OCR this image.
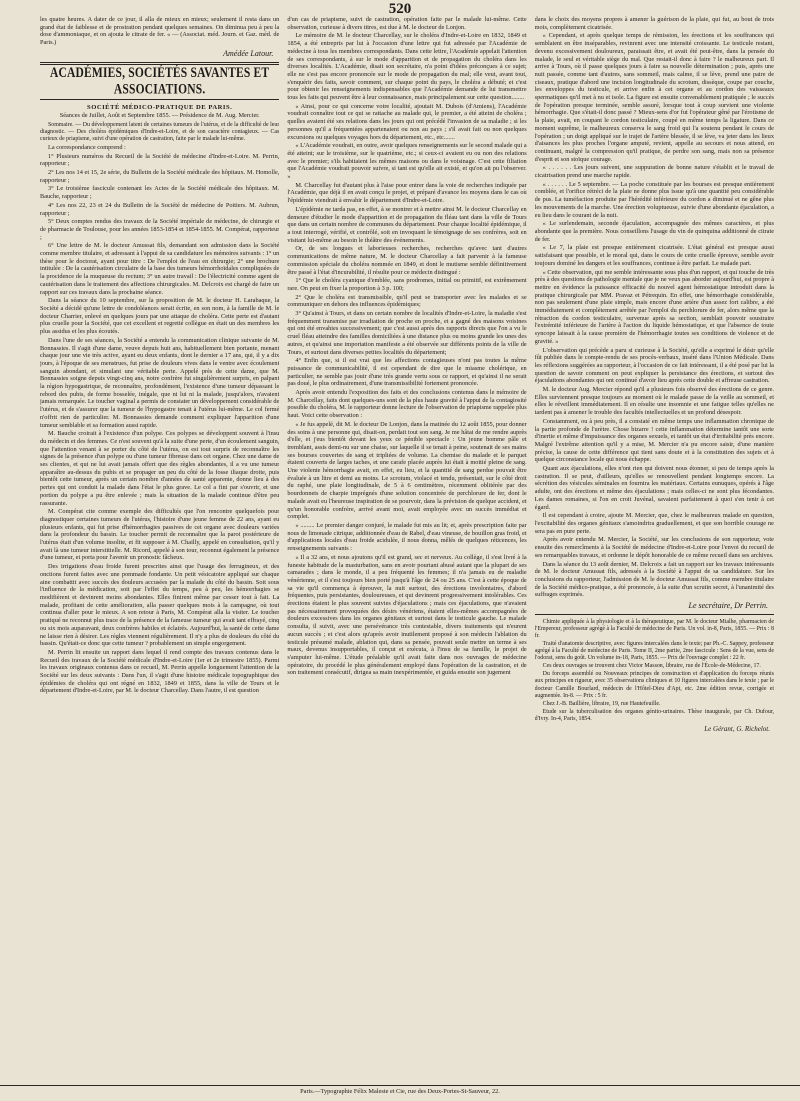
520

les quatre heures. A dater de ce jour, il alla de mieux en mieux; seulement il resta dans un grand état de faiblesse et de prostration pendant quelques semaines. On diminua peu à peu la dose d'ammoniaque, et on ajouta le citrate de fer. « — (Associat. méd. Journ. et Gaz. méd. de Paris.)

Amédée Latour.
ACADÉMIES, SOCIÉTÉS SAVANTES ET ASSOCIATIONS.
SOCIÉTÉ MÉDICO-PRATIQUE DE PARIS.
Séances de Juillet, Août et Septembre 1855. — Présidence de M. Aug. Mercier.

Sommaire. — Du développement latent de certaines tumeurs de l'utérus, et de la difficulté de leur diagnostic. — Des choléra épidémiques d'Indre-et-Loire, et de son caractère contagieux. — Cas curieux de priapisme, suivi d'une opération de castration, faite par le malade lui-même.

La correspondance comprend :

1° Plusieurs numéros du Recueil de la Société de médecine d'Indre-et-Loire. M. Perrin, rapporteur ;

2° Les nos 14 et 15, 2e série, du Bulletin de la Société médicale des hôpitaux. M. Homolle, rapporteur ;

3° Le troisième fascicule contenant les Actes de la Société médicale des hôpitaux. M. Bauche, rapporteur ;

4° Les nos 22, 23 et 24 du Bulletin de la Société de médecine de Poitiers. M. Aubrun, rapporteur ;

5° Deux comptes rendus des travaux de la Société impériale de médecine, de chirurgie et de pharmacie de Toulouse, pour les années 1853-1854 et 1854-1855. M. Compérat, rapporteur ;

6° Une lettre de M. le docteur Amussat fils, demandant son admission dans la Société comme membre titulaire, et adressant à l'appui de sa candidature les mémoires suivants : 1° un thèse pour le doctorat, ayant pour titre : De l'emploi de l'eau en chirurgie; 2° une brochure intitulée : De la cautérisation circulaire de la base des tumeurs hémorrhoïdales compliquées de la procidence de la muqueuse du rectum; 3° un autre travail : De l'électricité comme agent de cautérisation dans le traitement des affections chirurgicales. M. Delcroix est chargé de faire un rapport sur ces travaux dans la prochaine séance.

Dans la séance du 10 septembre, sur la proposition de M. le docteur H. Larabaque, la Société a décidé qu'une lettre de condoléances serait écrite, en son nom, à la famille de M. le docteur Charrier, enlevé en quelques jours par une attaque de choléra. Cette perte est d'autant plus cruelle pour la Société, que cet excellent et regretté collègue en était un des membres les plus assidus et les plus écoutés.

Dans l'une de ses séances, la Société a entendu la communication clinique suivante de M. Bonnassies. Il s'agit d'une dame, veuve depuis huit ans, habituellement bien portante, menant chaque jour une vie très active, ayant eu deux enfants, dont le dernier a 17 ans, qui, il y a dix jours, à l'époque de ses menstrues, fut prise de douleurs vives dans le ventre avec écoulement sanguin abondant, et simulant une véritable perte. Appelé près de cette dame, que M. Bonnassies soigne depuis vingt-cinq ans, notre confrère fut singulièrement surpris, en palpant la région hypogastrique, de reconnaître, profondément, l'existence d'une tumeur dépassant le rebord des pubis, de forme bosselée, inégale, que ni lui ni la malade, jusqu'alors, n'avaient jamais remarquée. Le toucher vaginal a permis de constater un développement considérable de l'utérus, et de s'assurer que la tumeur de l'hypogastre tenait à l'utérus lui-même. Le col fermé n'offrit rien de particulier. M. Bonnassies demande comment expliquer l'apparition d'une tumeur semblable et sa formation aussi rapide.

M. Bauche croirait à l'existence d'un polype. Ces polypes se développent souvent à l'insu du médecin et des femmes. Ce n'est souvent qu'à la suite d'une perte, d'un écoulement sanguin, que l'attention venant à se porter du côté de l'utérus, on est tout surpris de reconnaître les signes de la présence d'un polype ou d'une tumeur fibreuse dans cet organe. Chez une dame de ses clientes, et qui ne lui avait jamais offert que des règles abondantes, il a vu une tumeur apparaître au-dessus du pubis et se propager un peu du côté de la fosse iliaque droite, puis bientôt cette tumeur, après un certain nombre d'années de santé apparente, donne lieu à des pertes qui ont conduit la malade dans l'état le plus grave. Le col a fini par s'ouvrir, et une portion du polype a pu être enlevée ; mais la situation de la malade continue d'être peu rassurante.

M. Compérat cite comme exemple des difficultés que l'on rencontre quelquefois pour diagnostiquer certaines tumeurs de l'utérus, l'histoire d'une jeune femme de 22 ans, ayant eu plusieurs enfants, qui fut prise d'hémorrhagies passives de cet organe avec douleurs variées dans la profondeur du bassin. Le toucher permit de reconnaître que la paroi postérieure de l'utérus était d'un volume insolite, et fit supposer à M. Chailly, appelé en consultation, qu'il y avait là une tumeur interstitielle. M. Ricord, appelé à son tour, reconnut également la présence d'une tumeur, et porta pour l'avenir un pronostic fâcheux.

Des irrigations d'eau froide furent prescrites ainsi que l'usage des ferrugineux, et des onctions furent faites avec une pommade fondante. Un petit vésicatoire appliqué sur chaque aine combattit avec succès des douleurs accusées par la malade du côté du bassin. Soit sous l'influence de la médication, soit par l'effet du temps, peu à peu, les hémorrhagies se modifièrent et devinrent moins abondantes. Elles finirent même par cesser tout à fait. La malade, profitant de cette amélioration, alla passer quelques mois à la campagne, où tout continua d'aller pour le mieux. A son retour à Paris, M. Compérat alla la visiter. Le toucher pratiqué ne reconnut plus trace de la présence de la fameuse tumeur qui avait tant effrayé, cinq ou six mois auparavant, deux confrères habiles et éclairés. Aujourd'hui, la santé de cette dame ne laisse rien à désirer. Les règles viennent régulièrement. Il n'y a plus de douleurs du côté du bassin. Qu'était-ce donc que cette tumeur ? probablement un simple engorgement.

M. Perrin lit ensuite un rapport dans lequel il rend compte des travaux contenus dans le Recueil des travaux de la Société médicale d'Indre-et-Loire (1er et 2e trimestre 1855). Parmi les travaux originaux contenus dans ce recueil, M. Perrin appelle longuement l'attention de la Société sur les deux suivants : Dans l'un, il s'agit d'une histoire médicale topographique des épidémies de choléra qui ont régné en 1832, 1849 et 1855, dans la ville de Tours et le département d'Indre-et-Loire, par M. le docteur Charcellay. Dans l'autre, il est question

d'un cas de priapisme, suivi de castration, opération faite par le malade lui-même. Cette observation, curieuse à divers titres, est due à M. le docteur de Lonjon.

Le mémoire de M. le docteur Charcellay, sur le choléra d'Indre-et-Loire en 1832, 1849 et 1854, a été entrepris par lui à l'occasion d'une lettre qui fut adressée par l'Académie de médecine à tous les membres correspondants. Dans cette lettre, l'Académie appelait l'attention de ses correspondants, à sur le mode d'apparition et de propagation du choléra dans les diverses localités. L'Académie, disait son secrétaire, n'a point d'idées préconçues à ce sujet; elle ne s'est pas encore prononcée sur le mode de propagation du mal; elle veut, avant tout, s'enquérir des faits, savoir comment, sur chaque point du pays, le choléra a débuté; et c'est pour obtenir les renseignements indispensables que l'Académie demande de lui transmettre tous les faits qui peuvent être à leur connaissance, mais principalement sur cette question........

« Ainsi, pour ce qui concerne votre localité, ajoutait M. Dubois (d'Amiens), l'Académie voudrait connaître tout ce qui se rattache au malade qui, le premier, a été atteint de choléra ; quelles avaient été ses relations dans les jours qui ont précédé l'invasion de sa maladie ; si les personnes qu'il a fréquentées appartenaient ou non au pays ; s'il avait fait ou non quelques excursions ou quelques voyages hors du département, etc., etc.......

« L'Académie voudrait, en outre, avoir quelques renseignements sur le second malade qui a été atteint; sur le troisième, sur le quatrième, etc.; si ceux-ci avaient eu ou non des relations avec le premier; s'ils habitaient les mêmes maisons ou dans le voisinage. C'est cette filiation que l'Académie voudrait pouvoir suivre, si tant est qu'elle ait existé, et qu'on ait pu l'observer. »

M. Charcellay fut d'autant plus à l'aise pour entrer dans la voie de recherches indiquée par l'Académie, que déjà il en avait conçu le projet, et préparé d'avance les moyens dans le cas où l'épidémie viendrait à envahir le département d'Indre-et-Loire.

L'épidémie ne tarda pas, en effet, à se montrer et à mettre ainsi M. le docteur Charcellay en demeure d'étudier le mode d'apparition et de propagation du fléau tant dans la ville de Tours que dans un certain nombre de communes du département. Pour chaque localité épidémique, il a tout interrogé, vérifié, et contrôlé, soit en invoquant le témoignage de ses confrères, soit en visitant lui-même au besoin le théâtre des événements.

Or, de ses longues et laborieuses recherches, recherches qu'avec tant d'autres communications de même nature, M. le docteur Charcellay a fait parvenir à la fameuse commission spéciale du choléra nommée en 1849, et dont le mutisme semble définitivement être passé à l'état d'incurabilité, il résulte pour ce médecin distingué :

1° Que le choléra cyanique d'emblée, sans prodromes, initial ou primitif, est extrêmement rare. On peut en fixer la proportion à 3 p. 100;

2° Que le choléra est transmissible, qu'il peut se transporter avec les malades et se communiquer en dehors des influences épidémiques;

3° Qu'ainsi à Tours, et dans un certain nombre de localités d'Indre-et-Loire, la maladie s'est fréquemment transmise par irradiation de proche en proche, et a gagné des maisons voisines qui ont été envahies successivement; que c'est aussi après des rapports directs que l'on a vu le cruel fléau atteindre des familles domiciliées à une distance plus ou moins grande les unes des autres, et qu'ainsi une importation manifeste a été observée sur différents points de la ville de Tours, et surtout dans diverses petites localités du département;

4° Enfin que, si il est vrai que les affections contagieuses n'ont pas toutes la même puissance de communicabilité, il est cependant de dire que le miasme cholérique, en particulier, ne semble pas jouir d'une très grande vertu sous ce rapport, et qu'ainsi il ne serait pas doué, le plus ordinairement, d'une transmissibilité fortement prononcée.

Après avoir entendu l'exposition des faits et des conclusions contenus dans le mémoire de M. Charcellay, faits dont quelques-uns sont de la plus haute gravité à l'appui de la contagiosité possible du choléra, M. le rapporteur donne lecture de l'observation de priapisme rappelée plus haut. Voici cette observation :

« Je fus appelé, dit M. le docteur De Lonjon, dans la matinée du 12 août 1855, pour donner des soins à une personne qui, disait-on, perdait tout son sang. Je me hâtai de me rendre auprès d'elle, et j'eus bientôt devant les yeux ce pénible spectacle : Un jeune homme pâle et tremblant, assis demi-nu sur une chaise, sur laquelle il se tenait à peine, soutenait de ses mains ses bourses couvertes de sang et tripliées de volume. La chemise du malade et le parquet étaient couverts de larges taches, et une carafe placée auprès lui était à moitié pleine de sang. Une violente hémorrhagie avait, en effet, eu lieu, et la quantité de sang perdue pouvait être évaluée à un litre et demi au moins. Le scrotum, violacé et tendu, présentait, sur le côté droit du raphé, une plaie longitudinale, de 5 à 6 centimètres, récemment oblitérée par des bourdonnets de charpie imprégnés d'une solution concentrée de perchlorure de fer, dont le malade avait eu l'heureuse inspiration de se pourvoir, dans la prévision de quelque accident, et qu'un honorable confrère, arrivé avant moi, avait employée avec un succès immédiat et complet.

« ......... Le premier danger conjuré, le malade fut mis au lit; et, après prescription faite par nous de limonade citrique, additionnée d'eau de Rabel, d'eau vineuse, de bouillon gras froid, et d'applications locales d'eau froide acidulée, il nous donna, mêlés de quelques réticences, les renseignements suivants :

« Il a 32 ans, et nous ajoutons qu'il est grand, sec et nerveux. Au collège, il s'est livré à la funeste habitude de la masturbation, sans en avoir pourtant abusé autant que la plupart de ses camarades ; dans le monde, il a peu fréquenté les femmes; il n'a jamais eu de maladie vénérienne, et il s'est toujours bien porté jusqu'à l'âge de 24 ou 25 ans. C'est à cette époque de sa vie qu'il commença à éprouver, la nuit surtout, des érections involontaires, d'abord fréquentes, puis persistantes, douloureuses, et qui devinrent progressivement intolérables. Ces érections étaient le plus souvent suivies d'éjaculations ; mais ces éjaculations, que n'avaient pas nécessairement provoquées des désirs vénériens, étaient elles-mêmes accompagnées de douleurs excessives dans les organes génitaux et surtout dans le testicule gauche. Le malade consulta, il suivit, avec une persévérance très contestable, divers traitements qui n'eurent aucun succès ; et c'est alors qu'après avoir inutilement proposé à son médecin l'ablation du testicule présumé malade, ablation qui, dans sa pensée, pouvait seule mettre un terme à ses maux, devenus insupportables, il conçut et exécuta, à l'insu de sa famille, le projet de s'amputer lui-même. L'étude préalable qu'il avait faite dans nos ouvrages de médecine opératoire, du procédé le plus généralement employé dans l'opération de la castration, et de son traitement consécutif, dirigea sa main inexpérimentée, et guida ensuite son jugement

dans le choix des moyens propres à amener la guérison de la plaie, qui fut, au bout de trois mois, complètement cicatrisée.

« Cependant, et après quelque temps de rémission, les érections et les souffrances qui semblaient en être inséparables, revinrent avec une intensité croissante. Le testicule restant, devenu excessivement douloureux, paraissait être, et avait été peut-être, dans la pensée du malade, le seul et véritable siège du mal. Que restait-il donc à faire ? le malheureux part. Il arrive à Tours, où il passe quelques jours à faire sa nouvelle détermination ; puis, après une nuit passée, comme tant d'autres, sans sommeil, mais calme, il se lève, prend une paire de ciseaux, pratique d'abord une incision longitudinale du scrotum, dissèque, coupe par couche, les enveloppes du testicule, et arrive enfin à cet organe et au cordon des vaisseaux spermatiques qu'il met à nu et isole. La figure est ensuite convenablement pratiquée ; le succès de l'opération presque terminée, semble assuré, lorsque tout à coup survient une violente hémorrhagie. Que s'était-il donc passé ? Mieux-sens d'or fut l'opérateur gêné par l'érotisme de la plaie, avait, en coupant le cordon testiculaire, coupé en même temps la ligature. Dans ce moment suprême, le malheureux conserva le sang froid qui l'a soutenu pendant le cours de l'opération ; un doigt appliqué sur le trajet de l'artère blessée, il se lève, va jeter dans les lieux d'aisances les plus proches l'organe amputé, revient, appelle au secours et nous attend, en continuant, malgré la compression qu'il pratique, de perdre son sang, mais non sa présence d'esprit et son stoïque courage.

« . . . . . . Les jours suivent, une suppuration de bonne nature s'établit et le travail de cicatrisation prend une marche rapide.

« . . . . . . Le 5 septembre. — La poche constituée par les bourses est presque entièrement comblée, et l'orifice rétréci de la plaie ne donne plus issue qu'à une quantité peu considérable de pus. La tuméfaction produite par l'hérédité inférieure du cordon a diminué et ne gêne plus les mouvements de la marche. Une érection voluptueuse, suivie d'une abondante éjaculation, a eu lieu dans le courant de la nuit.

« Le surlendemain, seconde éjaculation, accompagnée des mêmes caractères, et plus abondante que la première. Nous conseillons l'usage du vin de quinquina additionné de citrate de fer.

« Le 7, la plaie est presque entièrement cicatrisée. L'état général est presque aussi satisfaisant que possible, et le moral qui, dans le cours de cette cruelle épreuve, semble avoir toujours dominé les dangers et les souffrances, continue à être parfait. Le malade part.

« Cette observation, qui me semble intéressante sous plus d'un rapport, et qui touche de très près à des questions de pathologie mentale que je ne veux pas aborder aujourd'hui, est propre à mettre en évidence la puissance efficacité du nouvel agent hémostatique introduit dans la pratique chirurgicale par MM. Pravaz et Pétrequin. En effet, une hémorrhagie considérable, non pas seulement d'une plaie simple, mais encore d'une artère d'un assez fort calibre, a été immédiatement et complètement arrêtée par l'emploi du perchlorure de fer, alors même que la rétraction du cordon testiculaire, survenue après sa section, semblait pouvoir soustraire l'extrémité inférieure de l'artère à l'action du liquide hémostatique, et que l'absence de toute syncope laissait à la cause première de l'hémorrhagie toutes ses conditions de violence et de gravité. »

L'observation qui précède a paru si curieuse à la Société, qu'elle a exprimé le désir qu'elle fût publiée dans le compte-rendu de ses procès-verbaux, inséré dans l'Union Médicale. Dans les réflexions suggérées au rapporteur, à l'occasion de ce fait intéressant, il a été posé par lui la question de savoir comment on peut expliquer la persistance des érections, et surtout des éjaculations abondantes qui ont continué d'avoir lieu après cette double et affreuse castration.

M. le docteur Aug. Mercier répond qu'il a plusieurs fois observé des érections de ce genre. Elles surviennent presque toujours au moment où le malade passe de la veille au sommeil, et elles le réveillent immédiatement. Il en résulte une insomnie et une fatigue telles qu'elles ne tardent pas à amener le trouble des facultés intellectuelles et un profond désespoir.

Constamment, ou à peu près, il a constaté en même temps une inflammation chronique de la partie profonde de l'urètre. Chose bizarre ! cette inflammation détermine tantôt une sorte d'inertie et même d'impuissance des organes sexuels, et tantôt un état d'irritabilité près encore. Malgré l'extrême attention qu'il y a mise, M. Mercier n'a pu encore saisir, d'une manière précise, la cause de cette différence qui tient sans doute et à la constitution des sujets et à quelque circonstance locale qui nous échappe.

Quant aux éjaculations, elles n'ont rien qui doivent nous étonner, si peu de temps après la castration. Il se peut, d'ailleurs, qu'elles se renouvellent pendant longtemps encore. La sécrétion des vésicules séminales en fournira les matériaux. Certains eunuques, opérés à l'âge adulte, ont des érections et même des éjaculations ; mais celles-ci ne sont plus fécondantes. Les dames romaines, si l'on en croit Juvénal, savaient parfaitement à quoi s'en tenir à cet égard.

Il est cependant à croire, ajoute M. Mercier, que, chez le malheureux malade en question, l'excitabilité des organes génitaux s'amoindrira graduellement, et que son horrible courage ne sera pas en pure perte.

Après avoir entendu M. Mercier, la Société, sur les conclusions de son rapporteur, vote ensuite des remercîments à la Société de médecine d'Indre-et-Loire pour l'envoi du recueil de ses remarquables travaux, et ordonne le dépôt honorable de ce même recueil dans ses archives.

Dans la séance du 13 août dernier, M. Delcroix a fait un rapport sur les travaux intéressants de M. le docteur Amussat fils, adressés à la Société à l'appui de sa candidature. Sur les conclusions du rapporteur, l'admission de M. le docteur Amussat fils, comme membre titulaire de la Société médico-pratique, a été prononcée, à la suite d'un scrutin secret, à l'unanimité des suffrages exprimés.

Le secrétaire, Dr Perrin.

Chimie appliquée à la physiologie et à la thérapeutique, par M. le docteur Mialhe, pharmacien de l'Empereur, professeur agrégé à la Faculté de médecine de Paris. Un vol. in-8, Paris, 1855. — Prix : 8 fr.

Traité d'anatomie descriptive, avec figures intercalées dans le texte; par Ph.-C. Sappey, professeur agrégé à la Faculté de médecine de Paris. Tome II, 2me partie, 2me fascicule : Sens de la vue, sens de l'odorat, sens du goût. Un volume in-18, Paris, 1855. — Prix de l'ouvrage complet : 22 fr.

Ces deux ouvrages se trouvent chez Victor Masson, libraire, rue de l'École-de-Médecine, 17.

Du forceps assemblé ou Nouveaux principes de construction et d'application du forceps réunis aux principes en rigueur, avec 35 observations cliniques et 10 figures intercalées dans le texte ; par le docteur Camille Bourlard, médecin de l'Hôtel-Dieu d'Apt, etc. 2me édition revue, corrigée et augmentée. In-8. — Prix : 5 fr.

Chez J.-B. Baillière, libraire, 19, rue Hautefeuille.

Etude sur la tuberculisation des organes génito-urinaires. Thèse inaugurale, par Ch. Dufour, d'Ivry. In-4, Paris, 1854.

Le Gérant, G. Richelot.
Paris.—Typographie Félix Maleste et Cie, rue des Deux-Portes-St-Sauveur, 22.
